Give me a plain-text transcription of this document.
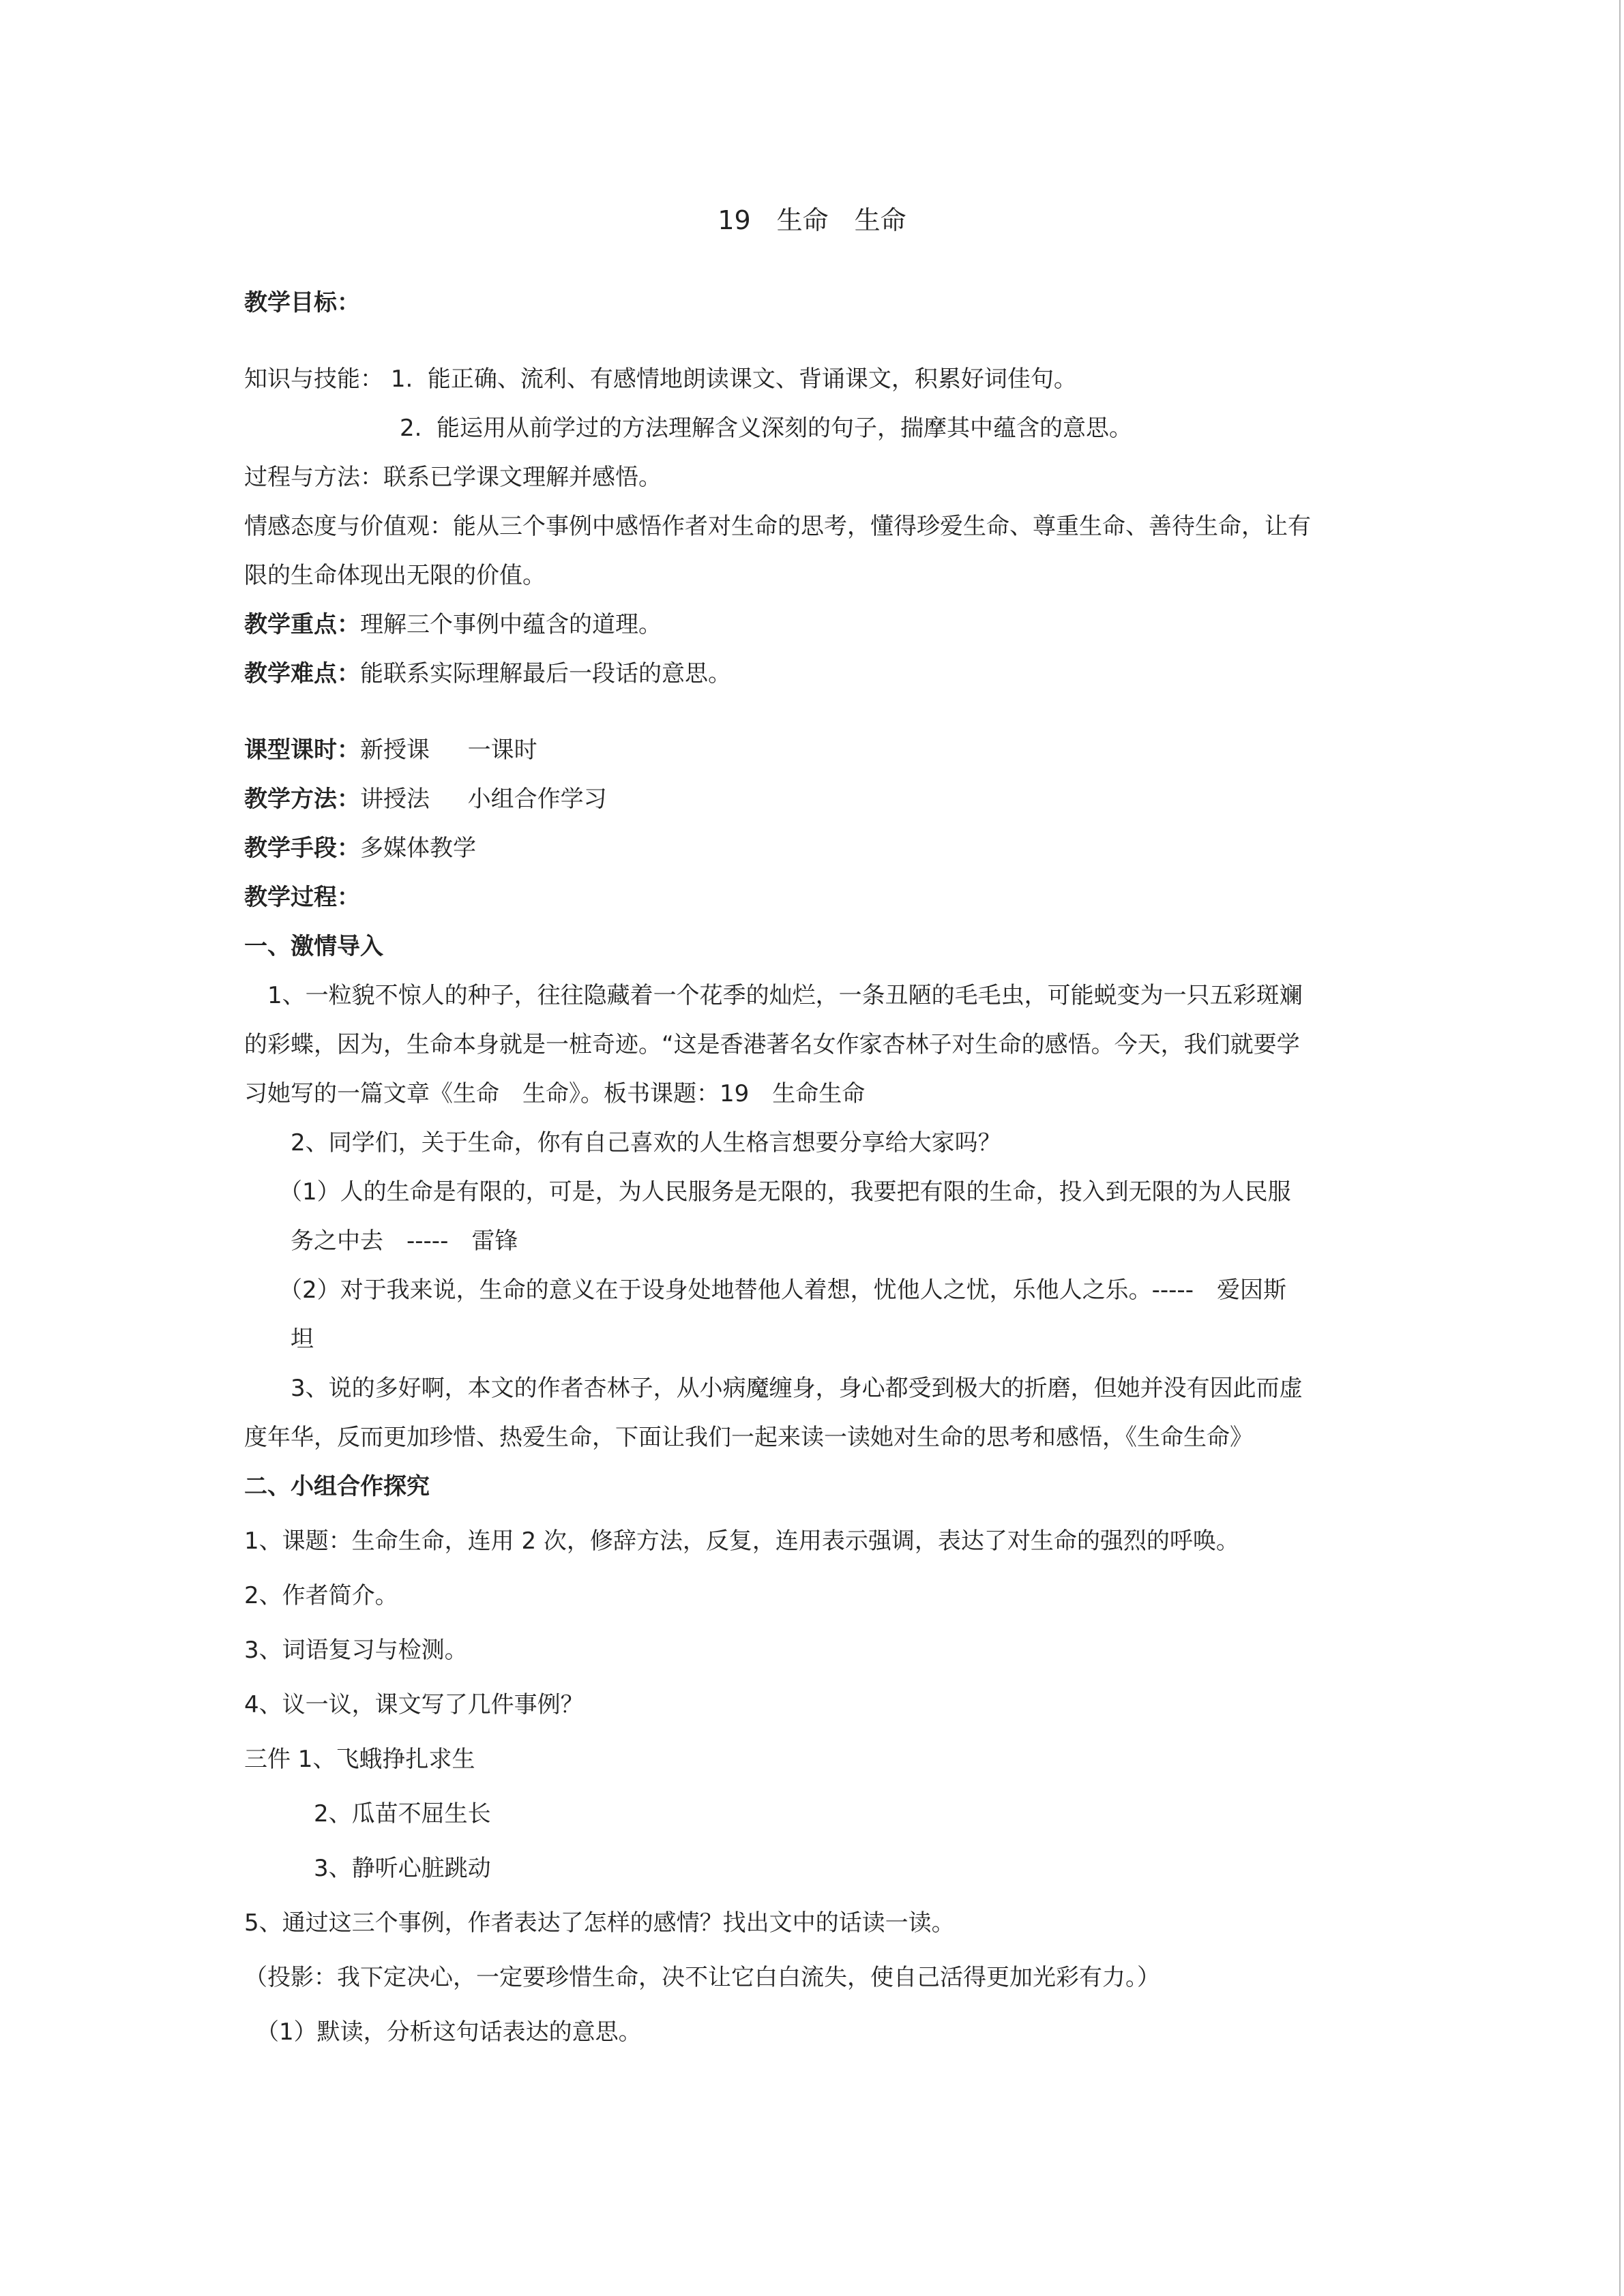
19　生命　生命
教学目标：
知识与技能： 1.  能正确、流利、有感情地朗读课文、背诵课文，积累好词佳句。
2.  能运用从前学过的方法理解含义深刻的句子，揣摩其中蕴含的意思。
过程与方法：联系已学课文理解并感悟。
情感态度与价值观：能从三个事例中感悟作者对生命的思考，懂得珍爱生命、尊重生命、善待生命，让有
限的生命体现出无限的价值。
教学重点：理解三个事例中蕴含的道理。
教学难点：能联系实际理解最后一段话的意思。
课型课时：新授课　  一课时
教学方法：讲授法　  小组合作学习
教学手段：多媒体教学
教学过程：
一、激情导入
　1、一粒貌不惊人的种子，往往隐藏着一个花季的灿烂，一条丑陋的毛毛虫，可能蜕变为一只五彩斑斓
的彩蝶，因为，生命本身就是一桩奇迹。“这是香港著名女作家杏林子对生命的感悟。今天，我们就要学
习她写的一篇文章《生命　生命》。板书课题：19　生命生命
　　2、同学们，关于生命，你有自己喜欢的人生格言想要分享给大家吗？
　　（1）人的生命是有限的，可是，为人民服务是无限的，我要把有限的生命，投入到无限的为人民服
　　务之中去　-----　雷锋
　　（2）对于我来说，生命的意义在于设身处地替他人着想，忧他人之忧，乐他人之乐。-----　爱因斯
　　坦
　　3、说的多好啊，本文的作者杏林子，从小病魔缠身，身心都受到极大的折磨，但她并没有因此而虚
度年华，反而更加珍惜、热爱生命，下面让我们一起来读一读她对生命的思考和感悟，《生命生命》
二、小组合作探究
1、课题：生命生命，连用 2 次，修辞方法，反复，连用表示强调，表达了对生命的强烈的呼唤。
2、作者简介。
3、词语复习与检测。
4、议一议，课文写了几件事例？
三件 1、飞蛾挣扎求生
　　　2、瓜苗不屈生长
　　　3、静听心脏跳动
5、通过这三个事例，作者表达了怎样的感情？找出文中的话读一读。
（投影：我下定决心，一定要珍惜生命，决不让它白白流失，使自己活得更加光彩有力。）
　（1）默读，分析这句话表达的意思。
